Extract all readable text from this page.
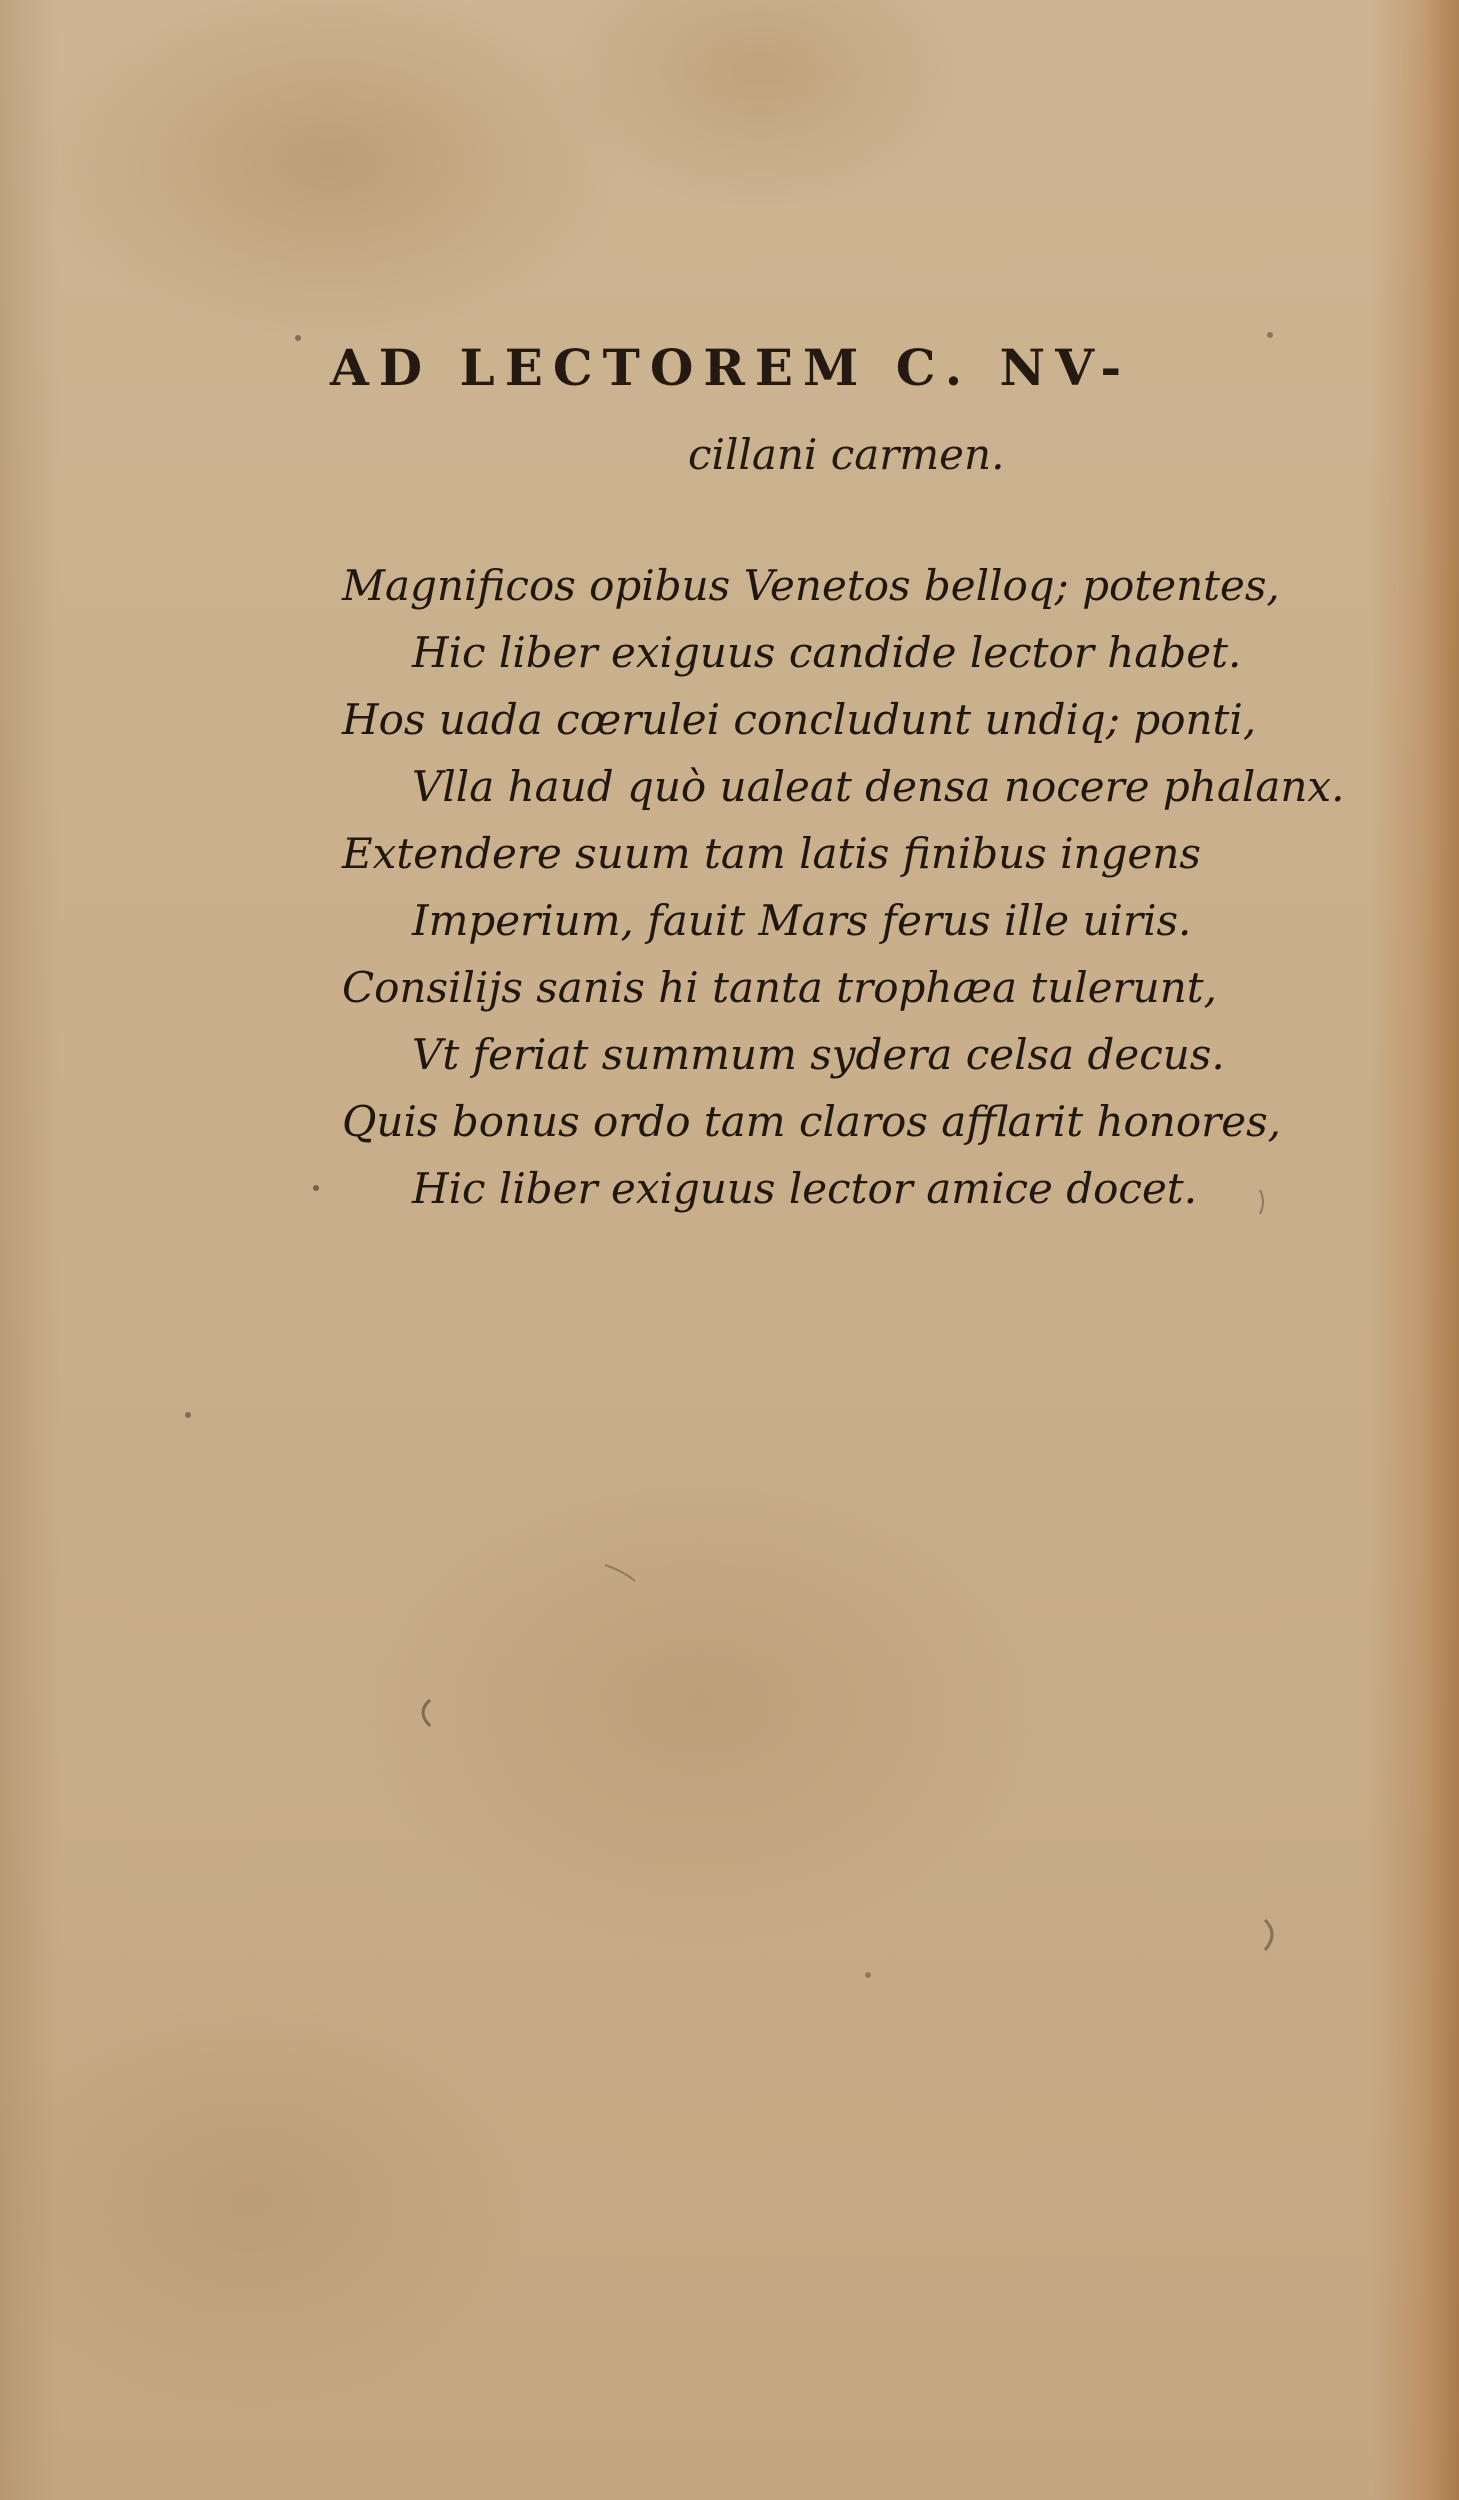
AD LECTOREM C. NV-
cillani carmen.
Magnificos opibus Venetos belloq; potentes,
Hic liber exiguus candide lector habet.
Hos uada cœrulei concludunt undiq; ponti,
Vlla haud quò ualeat densa nocere phalanx.
Extendere suum tam latis finibus ingens
Imperium, fauit Mars ferus ille uiris.
Consilijs sanis hi tanta trophæa tulerunt,
Vt feriat summum sydera celsa decus.
Quis bonus ordo tam claros afflarit honores,
Hic liber exiguus lector amice docet.
